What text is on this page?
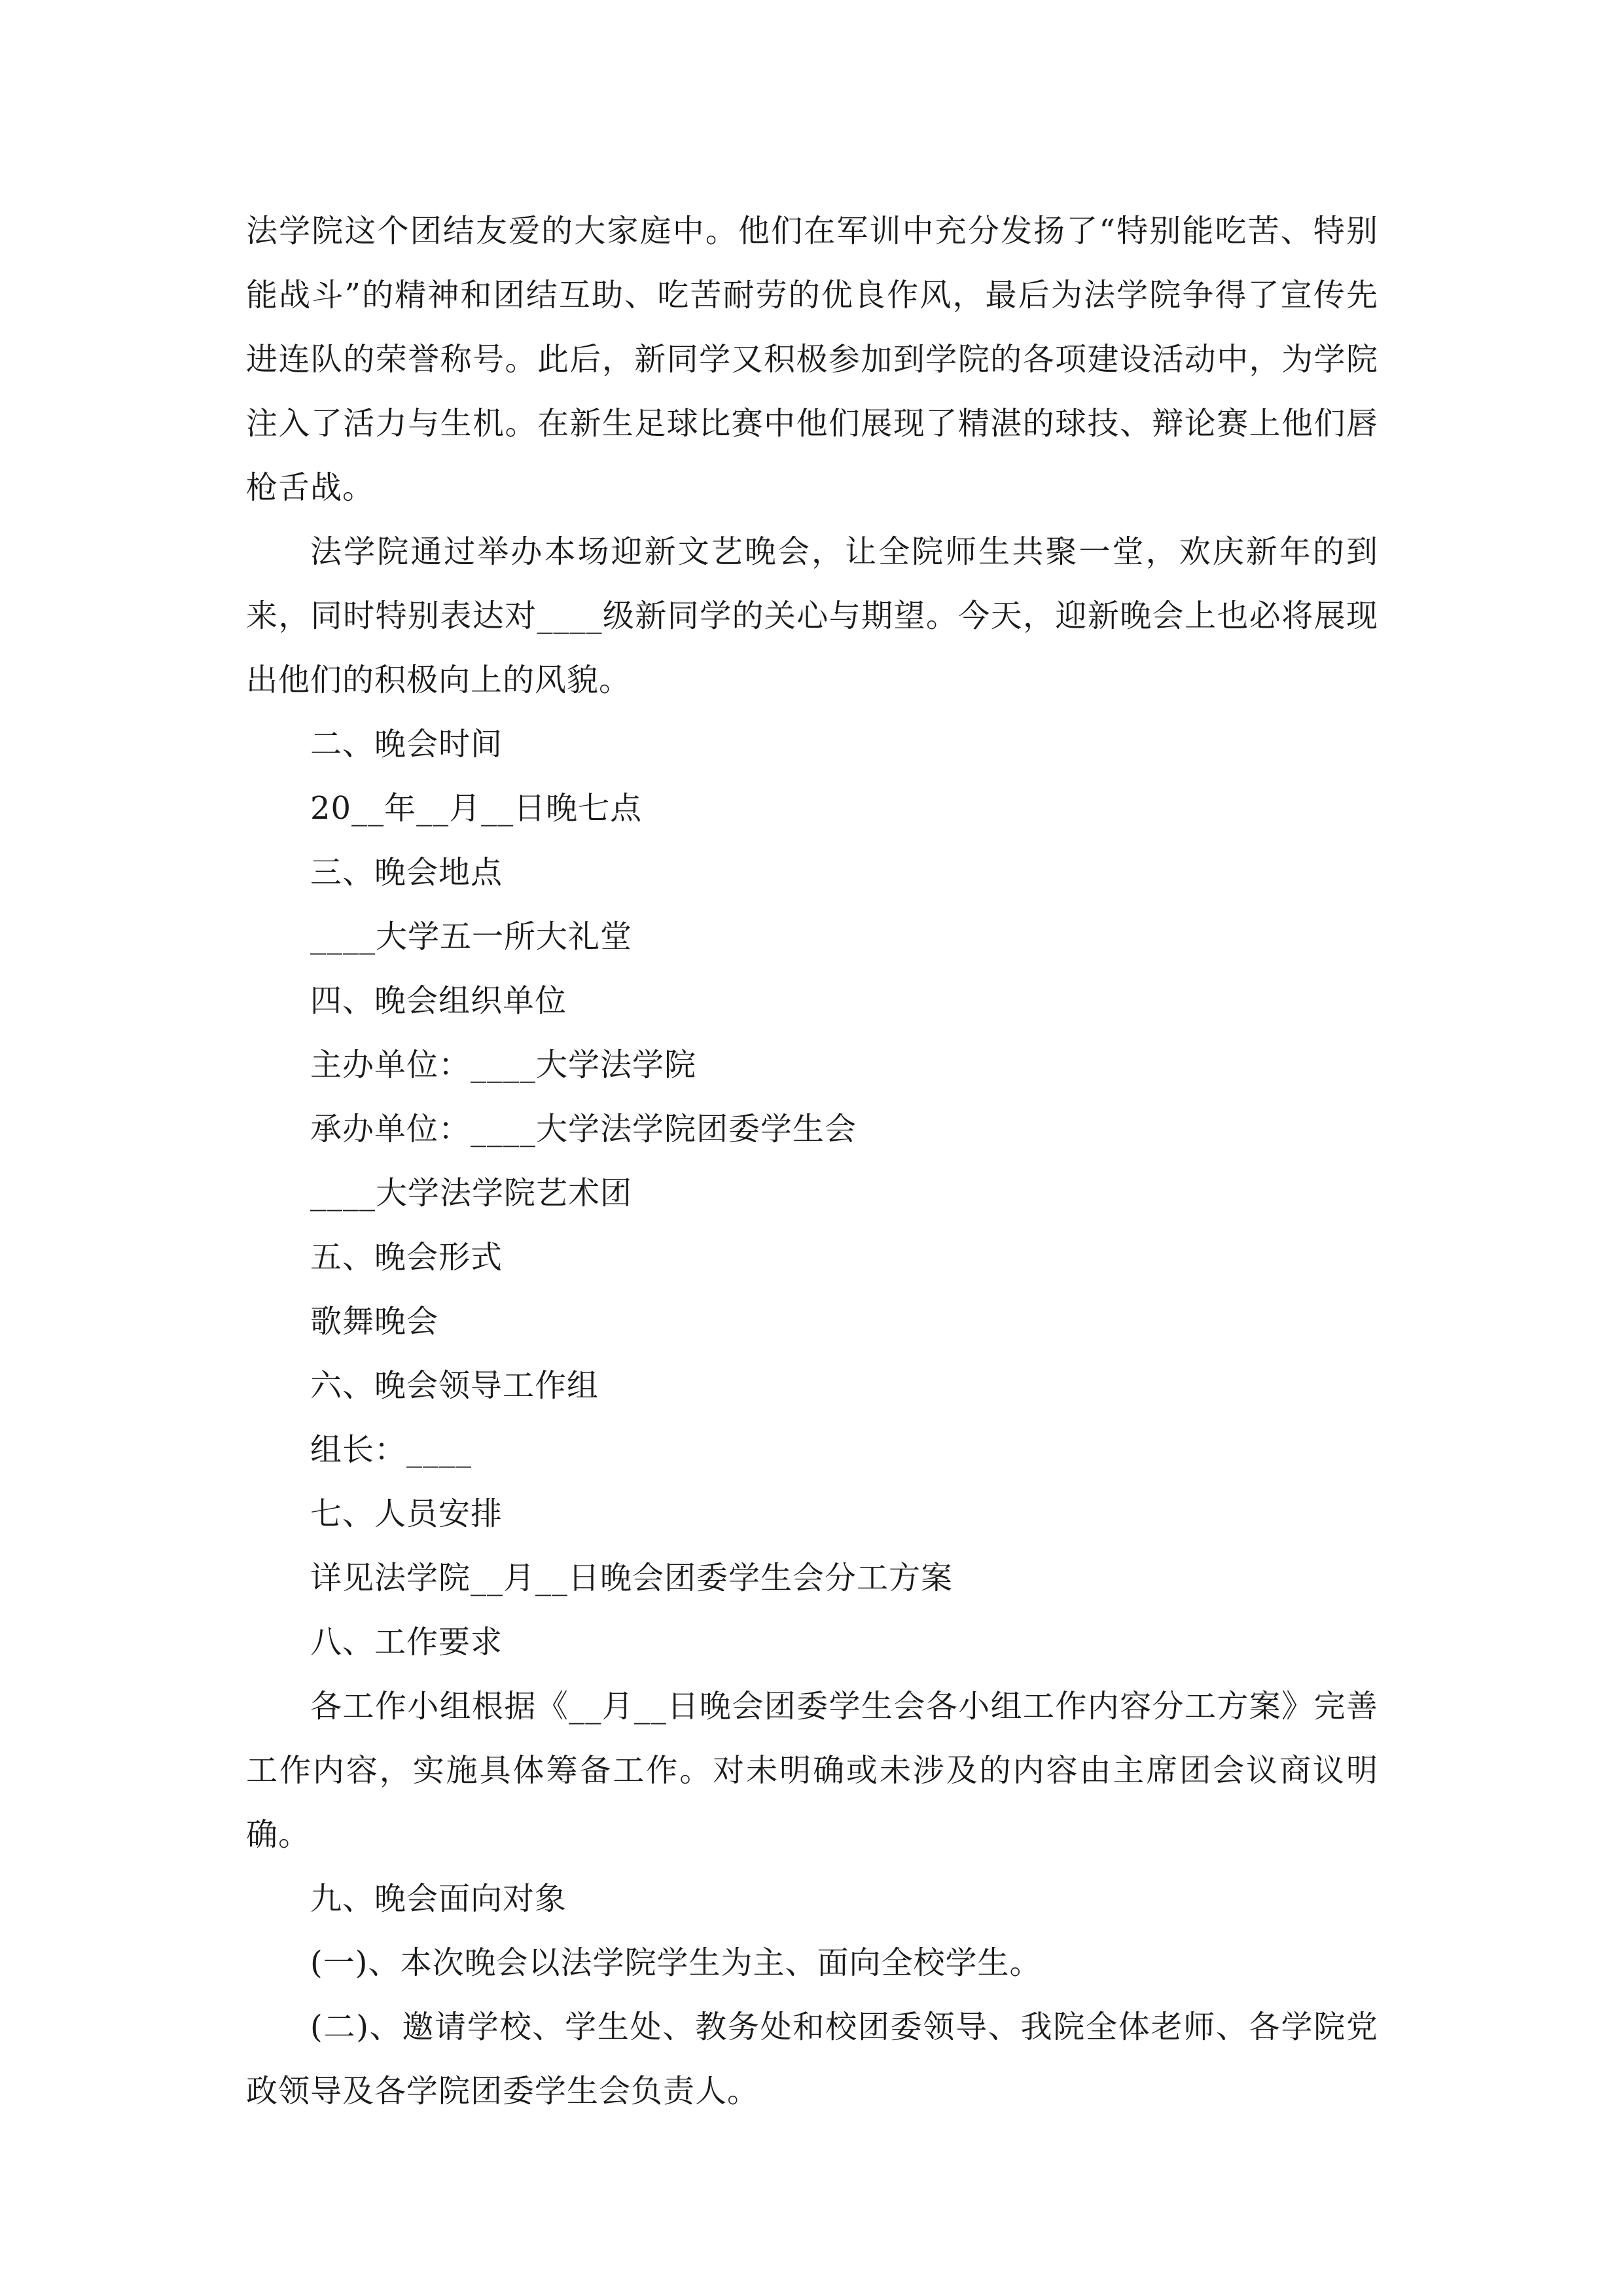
法学院这个团结友爱的大家庭中。他们在军训中充分发扬了“特别能吃苦、特别能战斗”的精神和团结互助、吃苦耐劳的优良作风，最后为法学院争得了宣传先进连队的荣誉称号。此后，新同学又积极参加到学院的各项建设活动中，为学院注入了活力与生机。在新生足球比赛中他们展现了精湛的球技、辩论赛上他们唇枪舌战。

法学院通过举办本场迎新文艺晚会，让全院师生共聚一堂，欢庆新年的到来，同时特别表达对____级新同学的关心与期望。今天，迎新晚会上也必将展现出他们的积极向上的风貌。

二、晚会时间

20__年__月__日晚七点

三、晚会地点

____大学五一所大礼堂

四、晚会组织单位

主办单位：____大学法学院

承办单位：____大学法学院团委学生会

____大学法学院艺术团

五、晚会形式

歌舞晚会

六、晚会领导工作组

组长：____

七、人员安排

详见法学院__月__日晚会团委学生会分工方案

八、工作要求

各工作小组根据《__月__日晚会团委学生会各小组工作内容分工方案》完善工作内容，实施具体筹备工作。对未明确或未涉及的内容由主席团会议商议明确。

九、晚会面向对象

(一)、本次晚会以法学院学生为主、面向全校学生。

(二)、邀请学校、学生处、教务处和校团委领导、我院全体老师、各学院党政领导及各学院团委学生会负责人。
